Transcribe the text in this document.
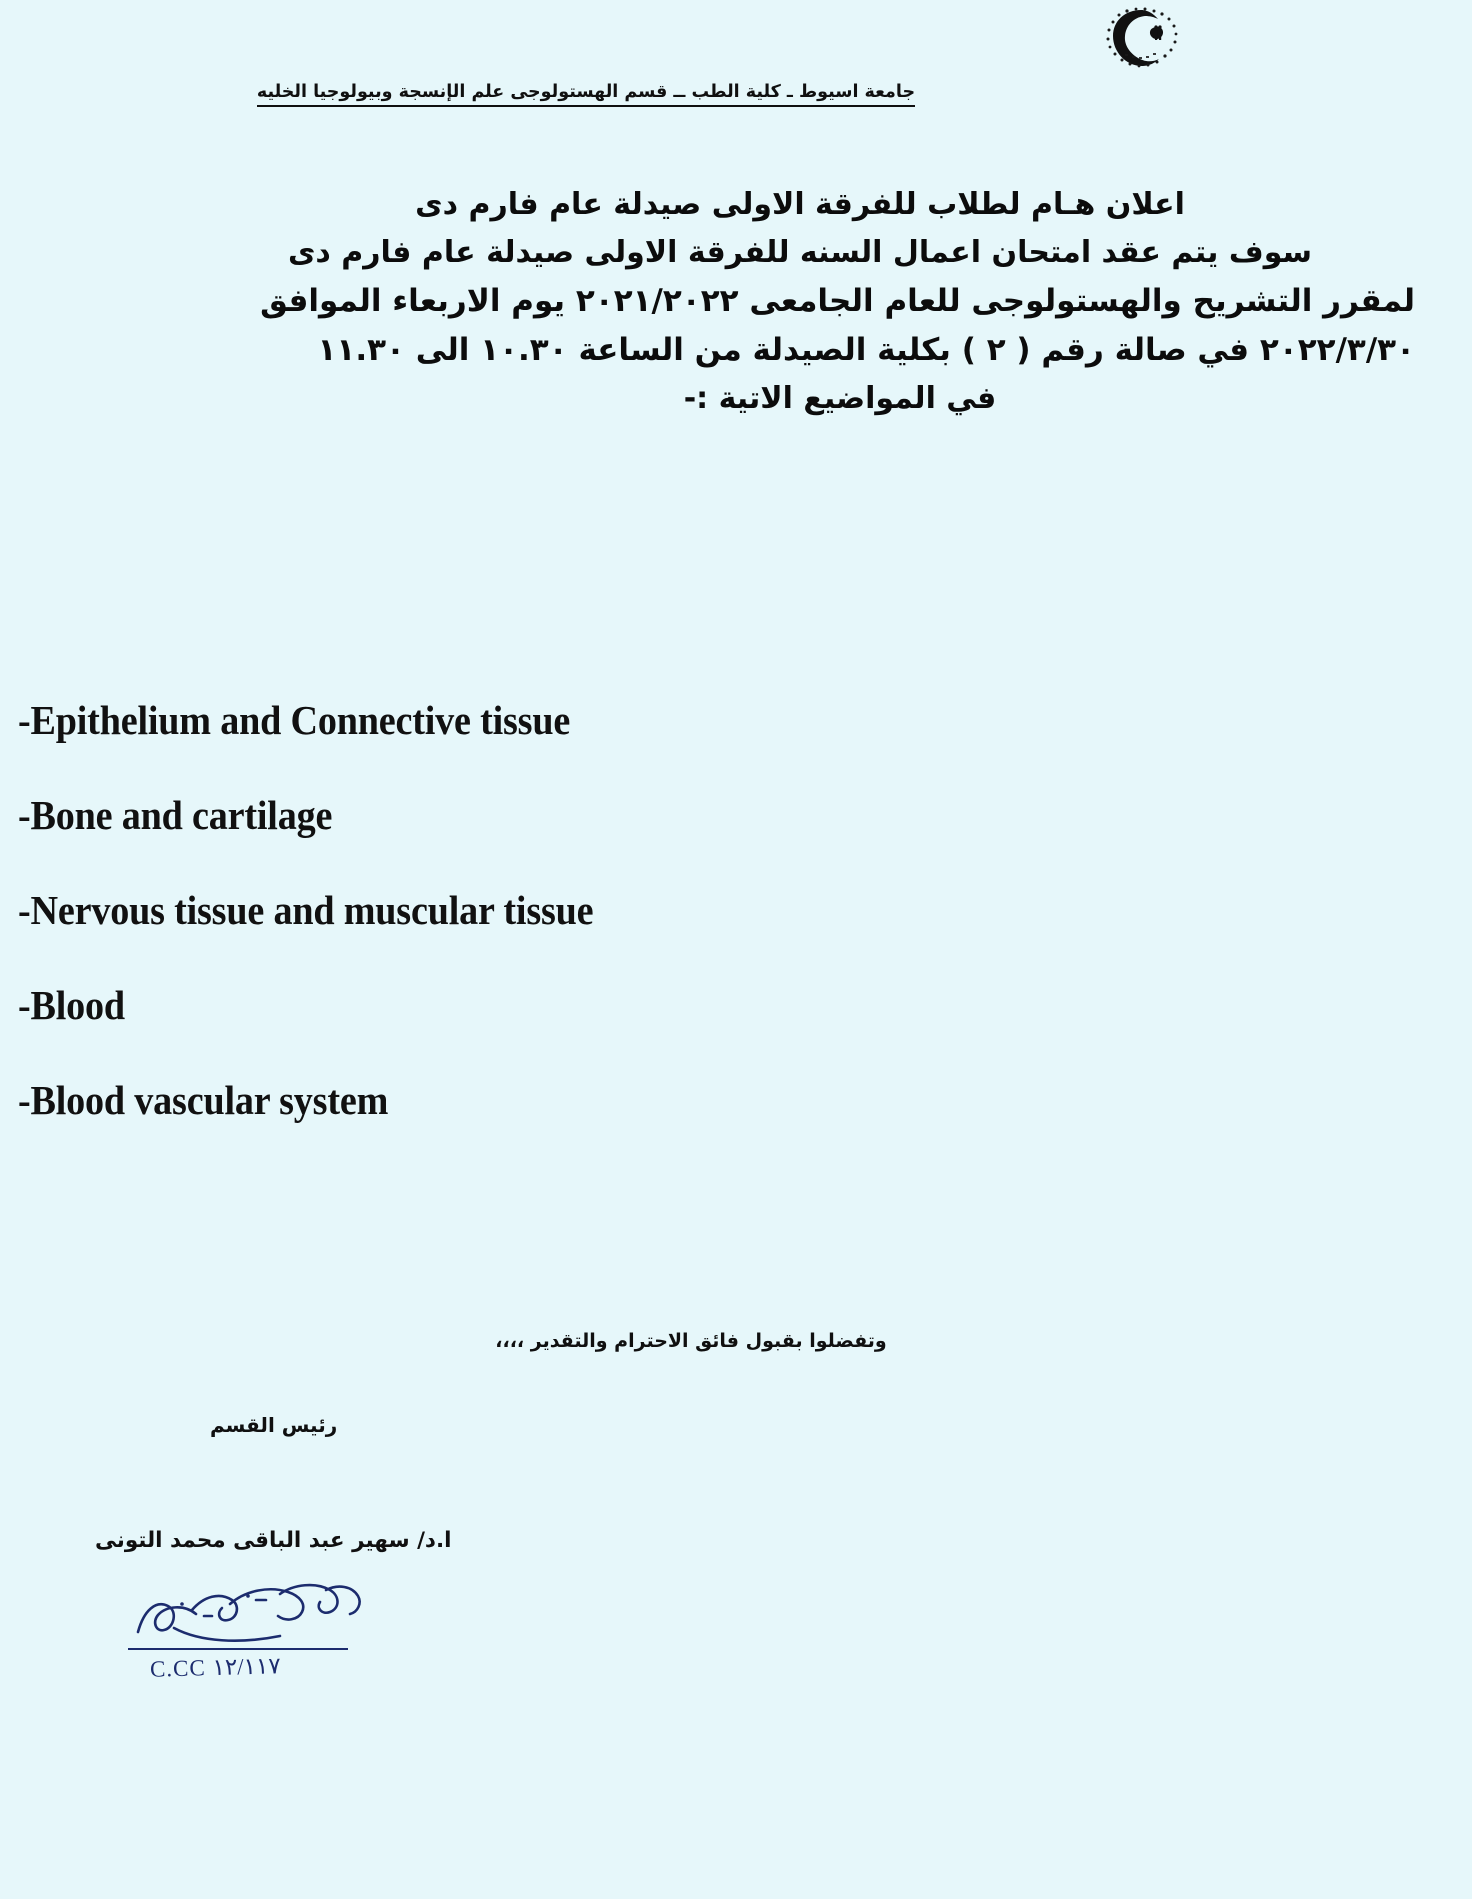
جامعة اسيوط ـ كلية الطب ــ قسم الهستولوجى علم الإنسجة وبيولوجيا الخليه

اعلان هـام لطلاب للفرقة الاولى صيدلة عام فارم دى

سوف يتم عقد امتحان اعمال السنه للفرقة الاولى صيدلة عام فارم دى

لمقرر التشريح والهستولوجى للعام الجامعى ٢٠٢١/٢٠٢٢ يوم الاربعاء الموافق

٢٠٢٢/٣/٣٠ في صالة رقم ( ٢ ) بكلية الصيدلة من الساعة ١٠.٣٠ الى ١١.٣٠

في المواضيع الاتية :-

-Epithelium and Connective tissue

-Bone and cartilage

-Nervous tissue and muscular tissue

-Blood

-Blood vascular system

وتفضلوا بقبول فائق الاحترام والتقدير ،،،،
رئيس القسم
ا.د/ سهير عبد الباقى محمد التونى
C.CC ١٢/١١٧
